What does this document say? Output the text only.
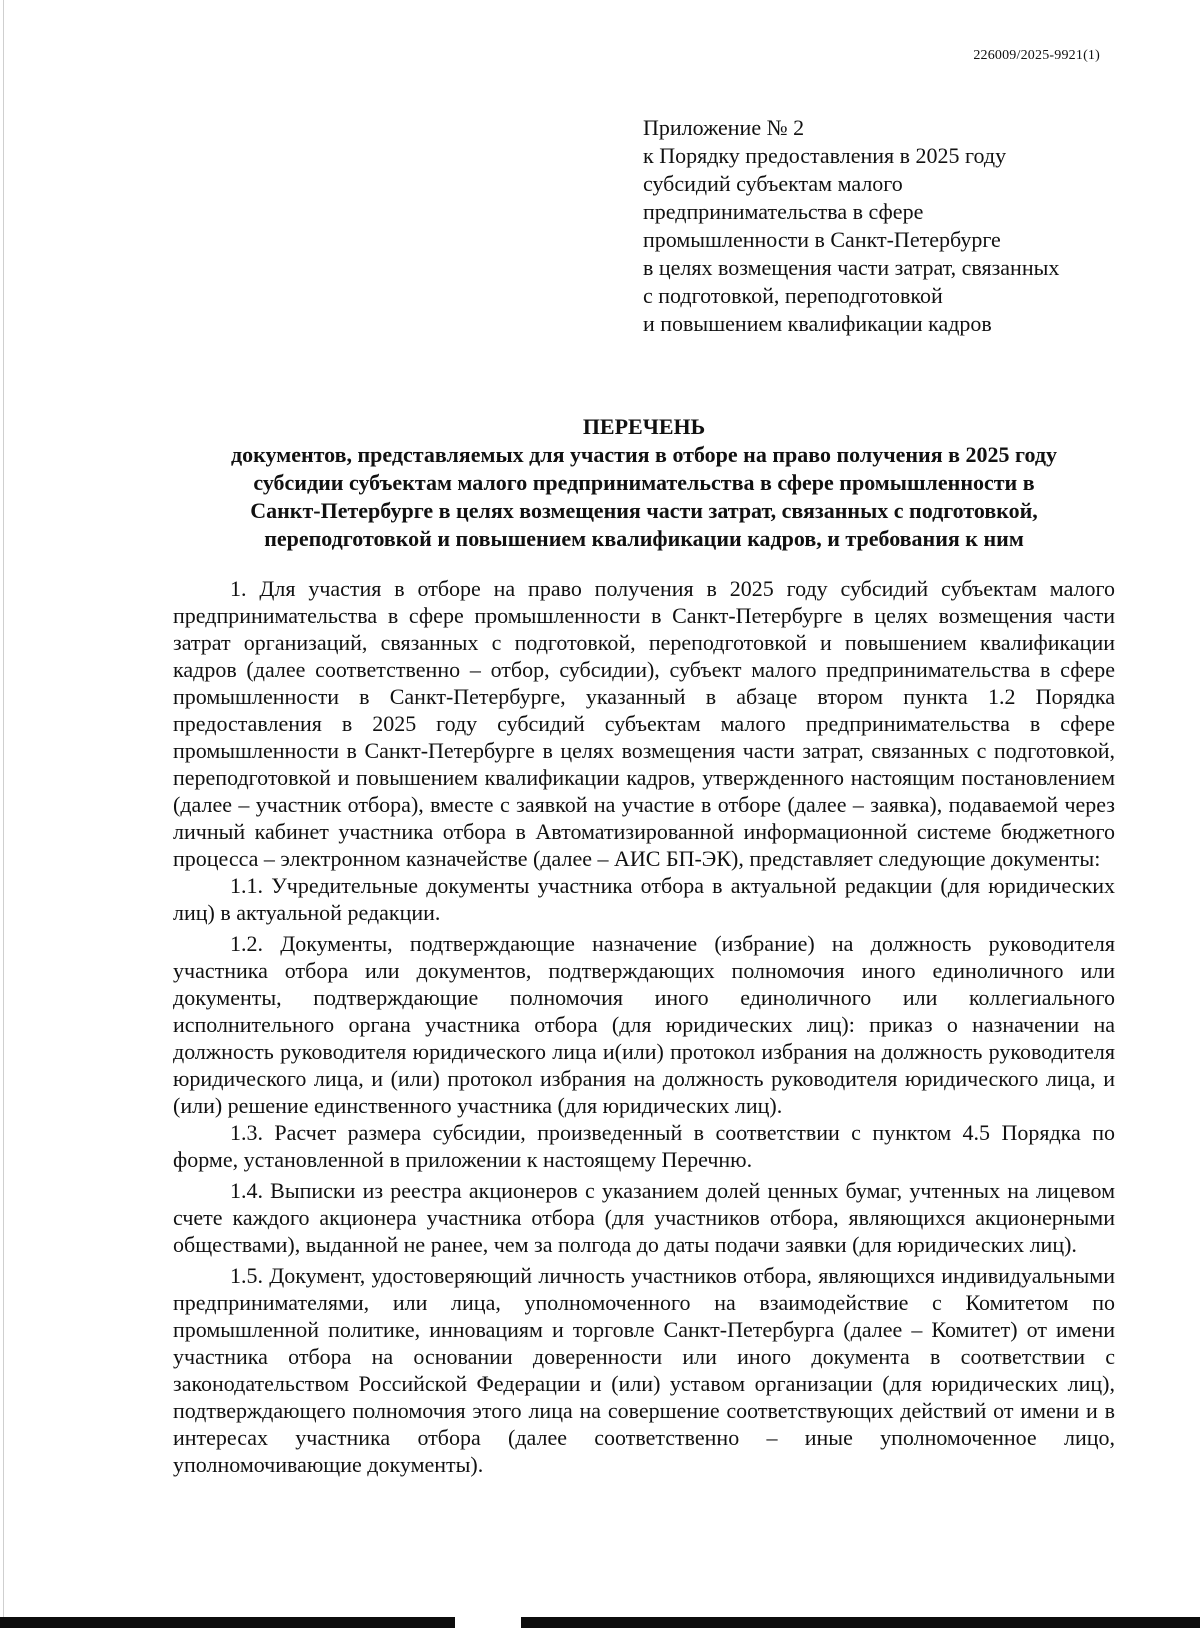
226009/2025-9921(1)
Приложение № 2
к Порядку предоставления в 2025 году
субсидий субъектам малого
предпринимательства в сфере
промышленности в Санкт-Петербурге
в целях возмещения части затрат, связанных
с подготовкой, переподготовкой
и повышением квалификации кадров
ПЕРЕЧЕНЬ
документов, представляемых для участия в отборе на право получения в 2025 году
субсидии субъектам малого предпринимательства в сфере промышленности в
Санкт-Петербурге в целях возмещения части затрат, связанных с подготовкой,
переподготовкой и повышением квалификации кадров, и требования к ним

1. Для участия в отборе на право получения в 2025 году субсидий субъектам малого предпринимательства в сфере промышленности в Санкт-Петербурге в целях возмещения части затрат организаций, связанных с подготовкой, переподготовкой и повышением квалификации кадров (далее соответственно – отбор, субсидии), субъект малого предпринимательства в сфере промышленности в Санкт-Петербурге, указанный в абзаце втором пункта 1.2 Порядка предоставления в 2025 году субсидий субъектам малого предпринимательства в сфере промышленности в Санкт-Петербурге в целях возмещения части затрат, связанных с подготовкой, переподготовкой и повышением квалификации кадров, утвержденного настоящим постановлением (далее – участник отбора), вместе с заявкой на участие в отборе (далее – заявка), подаваемой через личный кабинет участника отбора в Автоматизированной информационной системе бюджетного процесса – электронном казначействе (далее – АИС БП-ЭК), представляет следующие документы:

1.1. Учредительные документы участника отбора в актуальной редакции (для юридических лиц) в актуальной редакции.

1.2. Документы, подтверждающие назначение (избрание) на должность руководителя участника отбора или документов, подтверждающих полномочия иного единоличного или документы, подтверждающие полномочия иного единоличного или коллегиального исполнительного органа участника отбора (для юридических лиц): приказ о назначении на должность руководителя юридического лица и(или) протокол избрания на должность руководителя юридического лица, и (или) протокол избрания на должность руководителя юридического лица, и (или) решение единственного участника (для юридических лиц).

1.3. Расчет размера субсидии, произведенный в соответствии с пунктом 4.5 Порядка по форме, установленной в приложении к настоящему Перечню.

1.4. Выписки из реестра акционеров с указанием долей ценных бумаг, учтенных на лицевом счете каждого акционера участника отбора (для участников отбора, являющихся акционерными обществами), выданной не ранее, чем за полгода до даты подачи заявки (для юридических лиц).

1.5. Документ, удостоверяющий личность участников отбора, являющихся индивидуальными предпринимателями, или лица, уполномоченного на взаимодействие с Комитетом по промышленной политике, инновациям и торговле Санкт-Петербурга (далее – Комитет) от имени участника отбора на основании доверенности или иного документа в соответствии с законодательством Российской Федерации и (или) уставом организации (для юридических лиц), подтверждающего полномочия этого лица на совершение соответствующих действий от имени и в интересах участника отбора (далее соответственно – иные уполномоченное лицо, уполномочивающие документы).
